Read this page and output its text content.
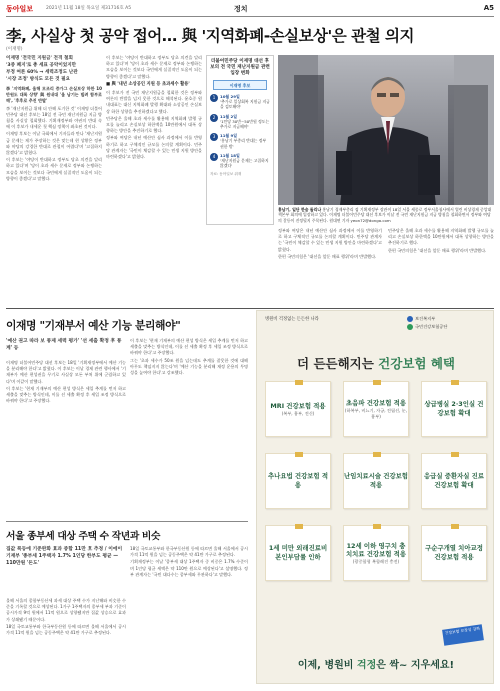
동아일보	2021년 11월 18일 목요일 제31716호 A5	정치	A5
李, 사실상 첫 공약 접어… 與 '지역화폐-손실보상'은 관철 의지
(이재명)
이재명 '전국민 지원금' 전격 철회
'3중 폐지'로 총 세표 공약이었지만
부정 여론 60% → 세력조정도 난관
'시장 조정' 방식도 모든 것 필요

李 '지역화폐, 올해 모조리 증가그 손실보상 하한 10만원도 대폭 상향' 與 원내대 '올 남기는 빌려 함부로 해', '후후로 추진 반발'

李 '재난지원금 위해 더 안해 포기한 것' 이재명 더불어민주당 대선 후보는 18일 전 국민 재난지원금 지급 방침을 사실상 철회했다. 기획재정부와 야권의 반대 속에 이 후보가 내세운 첫 핵심 정책이 좌초된 것이다.

이재명 후보는 이날 국회에서 기자들과 만나 '재난지원금 문제는 제가 주장하는 것은 맞는데 현 상황은 정부와 야당의 강경한 반대로 관철이 어렵다'며 '고집하지 않겠다'고 밝혔다.

이 후보는 '야당이 반대하고 정부도 당초 의견을 달리 하고 있다'며 '당이 초과 세수 문제로 정부와 논쟁하는 모습을 보이는 것보다 국민에게 실질적인 도움이 되는 방향이 좋겠다'고 말했다.

이 후보는 '야당이 반대하고 정부도 당초 의견을 달리 하고 있다'며 '당이 초과 세수 문제로 정부와 논쟁하는 모습을 보이는 것보다 국민에게 실질적인 도움이 되는 방향이 좋겠다'고 말했다.

■ 與 '내년 소상공인 지원 등 초과세수 활용'

이 후보가 전 국민 재난지원금을 철회한 것은 정부와 여론의 반발을 넘지 못한 것으로 해석된다. 윤호중 원내대표는 대신 지역화폐 발행 확대와 소상공인 손실보상 하한 상향을 추진하겠다고 했다.

민주당은 올해 초과 세수를 활용해 지역화폐 발행 규모를 늘리고 손실보상 하한액을 10만원에서 대폭 상향하는 방안을 추진하기로 했다.

정부와 여당은 내년 예산안 심사 과정에서 이를 반영하기로 하고 구체적인 규모를 논의할 계획이다. 민주당 관계자는 '국민이 체감할 수 있는 민생 지원 방안을 마련하겠다'고 밝혔다.

더불어민주당 이재명 대선 후보의 전 국민 재난지원금 관련 입장 변화
이재명 후보
1	10월 29일
'추가로 일상회복 지원금 지급을 검토해야'
2	11월 2일
'1인당 30만~50만원 정도는 추가로 지급해야'
3	11월 9일
'홍남기 부총리 반대는 정부 권한 밖'
4	11월 18일
'재난지원금 문제는 고집하지 않겠다'
자료: 동아일보 취재
홍남기, 일단 한숨 돌리나 홍남기 경제부총리 겸 기획재정부 장관이 18일 서울 세종로 정부서울청사에서 열린 비상경제 중앙대책본부 회의에 입장하고 있다. 이재명 더불어민주당 대선 후보가 이날 전 국민 재난지원금 지급 방침을 철회하면서 정부와 여당의 갈등이 진정될지 주목된다. 원대연 기자 yeon72@donga.com

정부와 여당은 내년 예산안 심사 과정에서 이를 반영하기로 하고 구체적인 규모를 논의할 계획이다. 민주당 관계자는 '국민이 체감할 수 있는 민생 지원 방안을 마련하겠다'고 밝혔다.

한편 국민의힘은 '대선을 앞둔 매표 행위'라며 반발했다.

민주당은 올해 초과 세수를 활용해 지역화폐 발행 규모를 늘리고 손실보상 하한액을 10만원에서 대폭 상향하는 방안을 추진하기로 했다.

한편 국민의힘은 '대선을 앞둔 매표 행위'라며 반발했다.

이재명 "기재부서 예산 기능 분리해야"
'예산 권고 따라 보 통제 세력 평가' '선 세출 확정 후 통계' 등

이재명 더불어민주당 대선 후보는 18일 '기획재정부에서 예산 기능을 분리해야 한다'고 밝혔다. 이 후보는 이날 경제 관련 행사에서 '기재부가 예산 편성권을 무기로 사실상 모든 부처 위에 군림하고 있다'며 이같이 말했다.

이 후보는 '현재 기재부의 예산 편성 방식은 세입 추계를 먼저 하고 세출을 맞추는 방식인데, 이를 선 세출 확정 후 세입 조정 방식으로 바꿔야 한다'고 주장했다.

이 후보는 '현재 기재부의 예산 편성 방식은 세입 추계를 먼저 하고 세출을 맞추는 방식인데, 이를 선 세출 확정 후 세입 조정 방식으로 바꿔야 한다'고 주장했다.

그는 '초과 세수가 50조 원을 넘는데도 추계를 잘못한 것에 대해 아무도 책임지지 않는다'며 '예산 기능을 분리해 재정 운용의 투명성을 높여야 한다'고 강조했다.

서울 종부세 대상 주택 수 작년과 비슷
집값 폭등에 기준완화 효과 중합 11만 호 추정 / 이에이 기재부 '종부세 1주택자 1.7% 1인당 한부도 평균 — 110만원 '돈도'

올해 서울의 종합부동산세 과세 대상 주택 수가 지난해와 비슷한 수준을 기록할 것으로 예상된다. 1가구 1주택자의 종부세 부과 기준이 공시가격 9억 원에서 11억 원으로 상향됐지만 집값 상승으로 효과가 상쇄됐기 때문이다.

18일 국토교통부와 한국부동산원 등에 따르면 올해 서울에서 공시가격 11억 원을 넘는 공동주택은 약 41만 가구로 추정된다.

18일 국토교통부와 한국부동산원 등에 따르면 올해 서울에서 공시가격 11억 원을 넘는 공동주택은 약 41만 가구로 추정된다.

기획재정부는 이날 '종부세 대상 1주택자 중 비중은 1.7% 수준이며 1인당 평균 세액은 약 110만 원으로 예상된다'고 설명했다. 정부 관계자는 '국민 대다수는 종부세와 무관하다'고 말했다.

병원비 걱정없는 든든한 나라	보건복지부
국민건강보험공단
더 든든해지는 건강보험 혜택
MRI 건강보험 적용
(복부, 흉부, 전신)
초음파 건강보험 적용
(하복부, 비뇨기, 자궁, 전립선, 눈, 흉부)
상급병실 2·3인실 건강보험 확대
추나요법 건강보험 적용
난임치료시술 건강보험 적용
응급실 중환자실 진료 건강보험 확대
1세 미만 외래진료비 본인부담률 인하
12세 이하 영구치 충치치료 건강보험 적용
(광중합형 복합레진 충전)
구순구개열 치아교정 건강보험 적용
건강보험 보장성 강화
이제, 병원비 걱정은 싹~ 지우세요!
